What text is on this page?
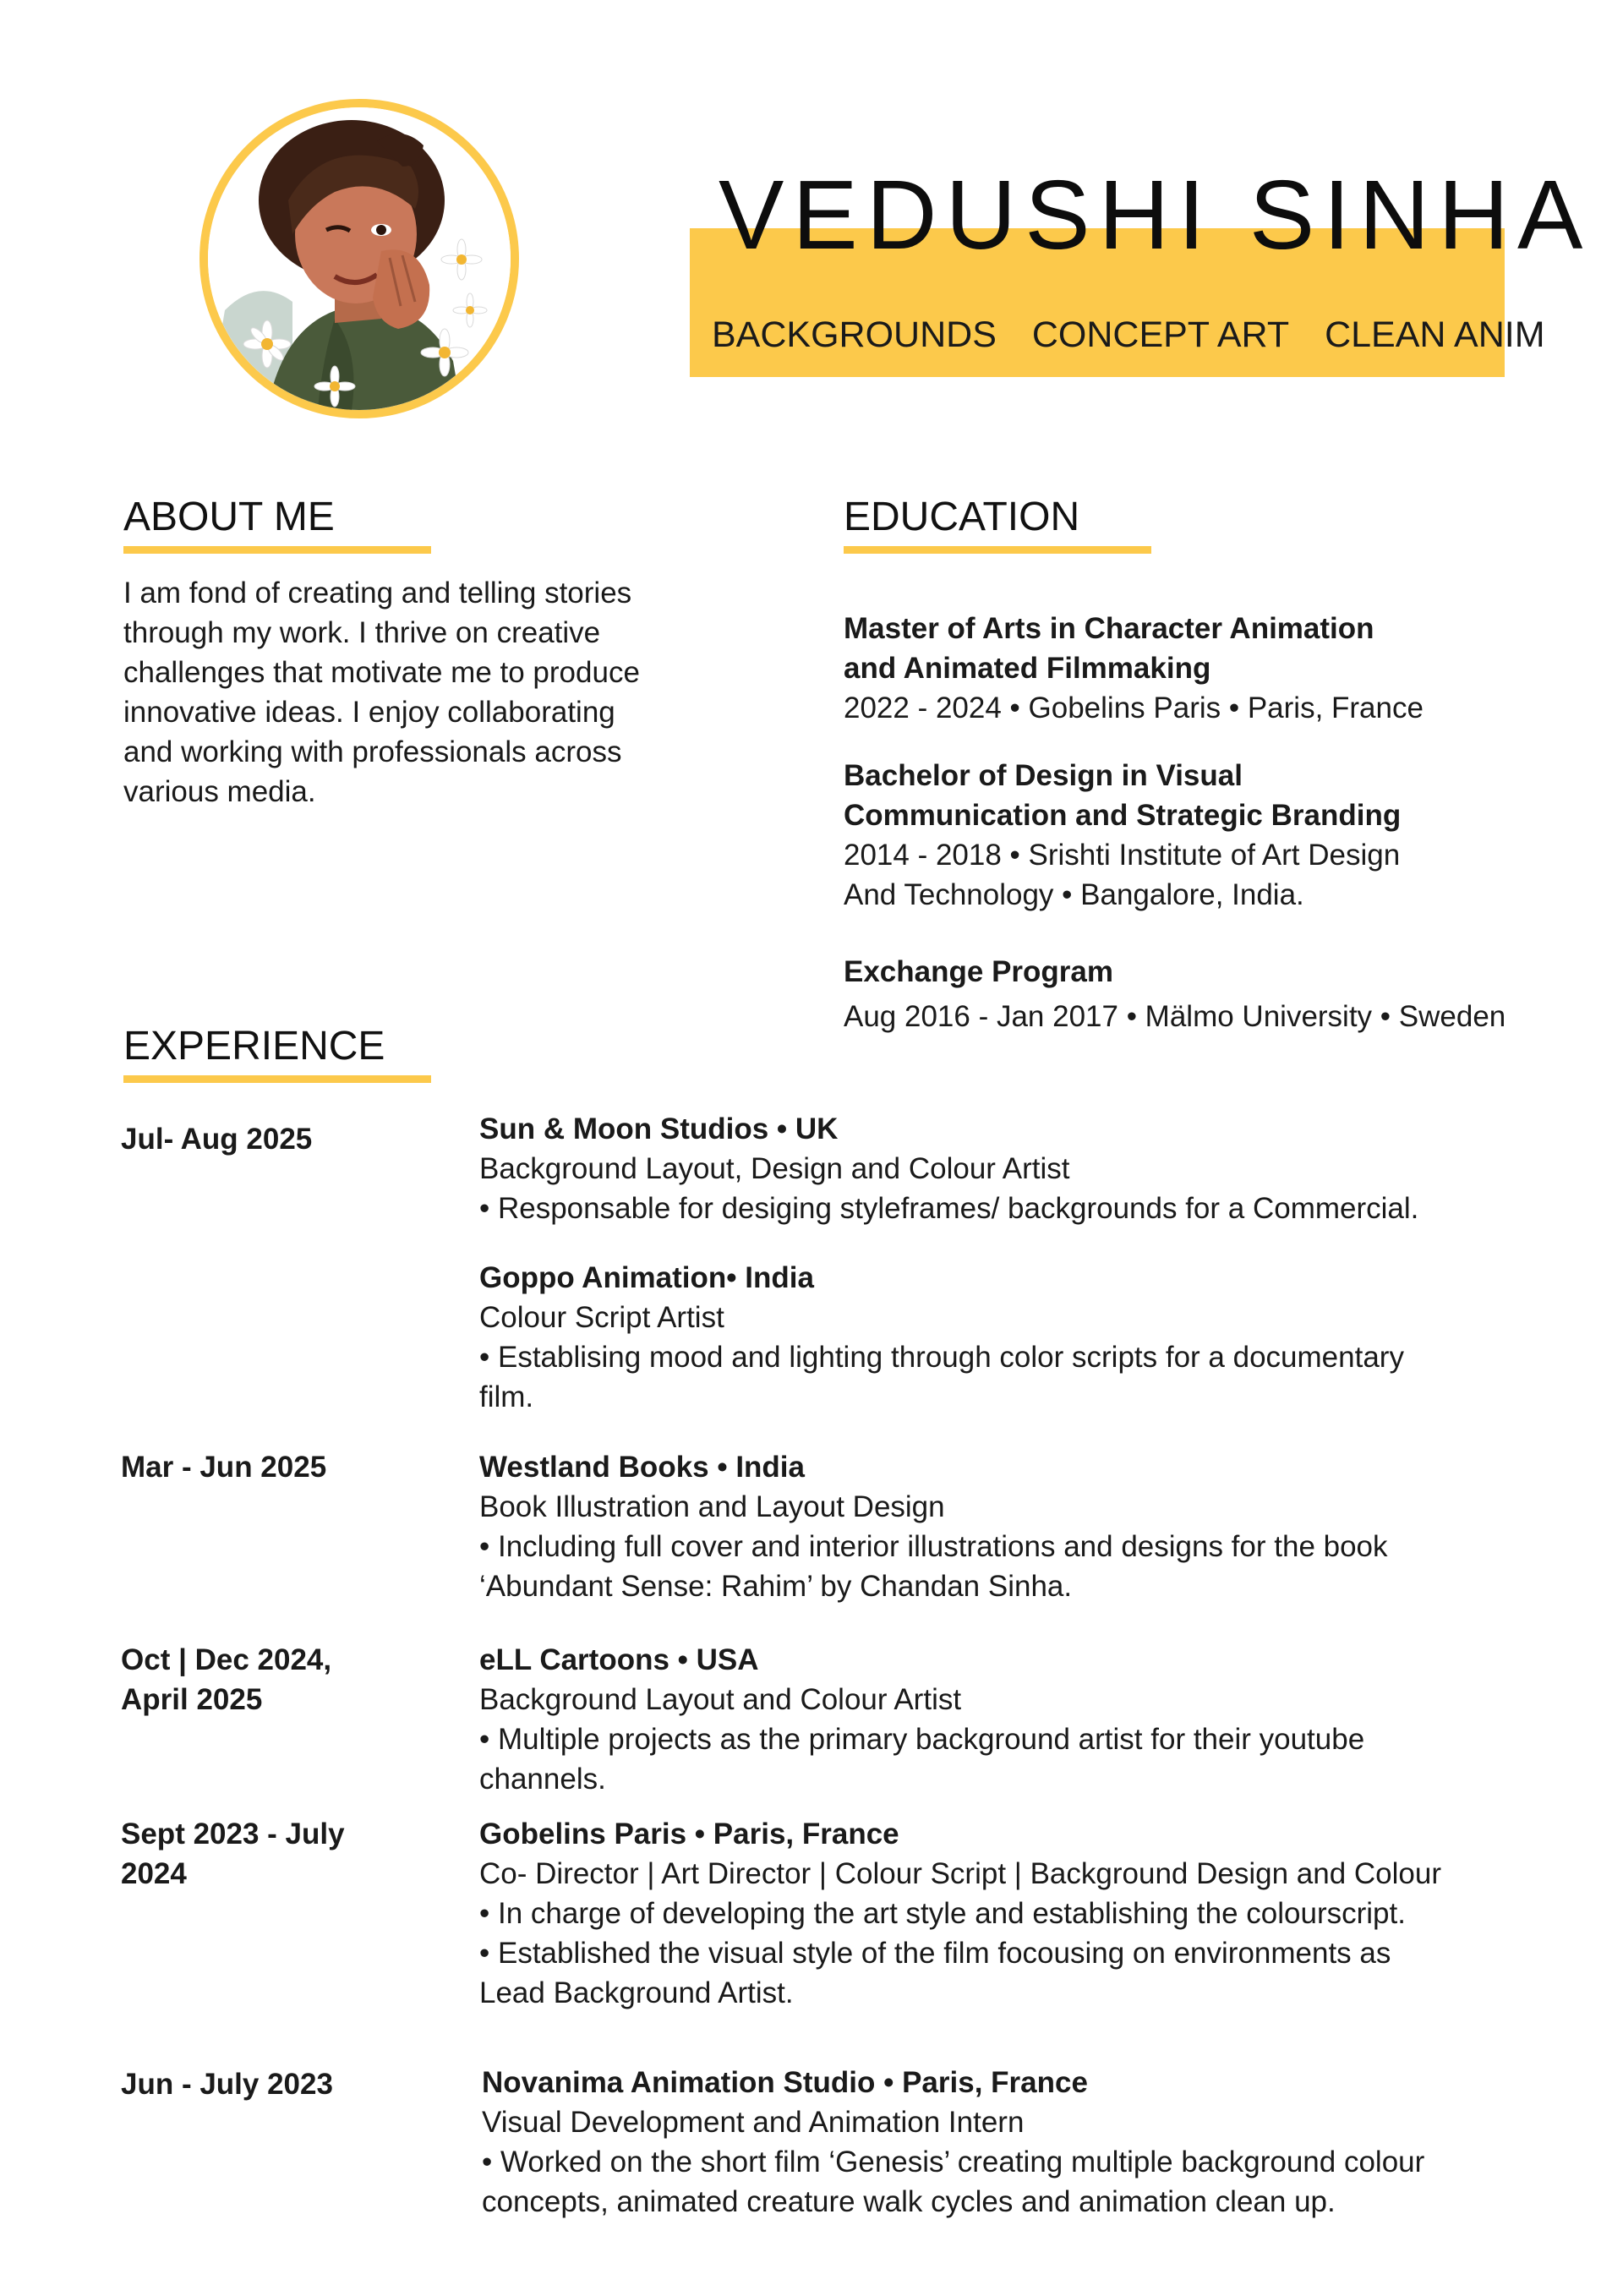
VEDUSHI SINHA
BACKGROUNDS CONCEPT ART CLEAN ANIM
ABOUT ME
I am fond of creating and telling stories
through my work. I thrive on creative
challenges that motivate me to produce
innovative ideas. I enjoy collaborating
and working with professionals across
various media.
EDUCATION
Master of Arts in Character Animation
and Animated Filmmaking
2022 - 2024 • Gobelins Paris • Paris, France
Bachelor of Design in Visual
Communication and Strategic Branding
2014 - 2018 • Srishti Institute of Art Design
And Technology • Bangalore, India.
Exchange Program
Aug 2016 - Jan 2017 • Mälmo University • Sweden
EXPERIENCE
Jul- Aug 2025
Mar - Jun 2025
Oct | Dec 2024,
April 2025
Sept 2023 - July
2024
Jun - July 2023
Sun & Moon Studios • UK
Background Layout, Design and Colour Artist
• Responsable for desiging styleframes/ backgrounds for a Commercial.
Goppo Animation• India
Colour Script Artist
• Establising mood and lighting through color scripts for a documentary
film.
Westland Books • India
Book Illustration and Layout Design
• Including full cover and interior illustrations and designs for the book
‘Abundant Sense: Rahim’ by Chandan Sinha.
eLL Cartoons • USA
Background Layout and Colour Artist
• Multiple projects as the primary background artist for their youtube
channels.
Gobelins Paris • Paris, France
Co- Director | Art Director | Colour Script | Background Design and Colour
• In charge of developing the art style and establishing the colourscript.
• Established the visual style of the film focousing on environments as
Lead Background Artist.
Novanima Animation Studio • Paris, France
Visual Development and Animation Intern
• Worked on the short film ‘Genesis’ creating multiple background colour
concepts, animated creature walk cycles and animation clean up.
